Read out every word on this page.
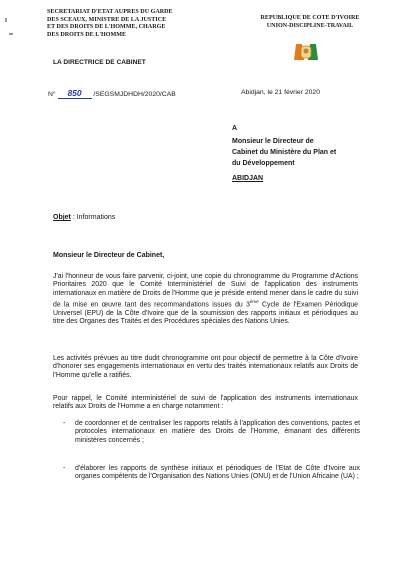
SECRETARIAT D'ETAT AUPRES DU GARDE
DES SCEAUX, MINISTRE DE LA JUSTICE
ET DES DROITS DE L'HOMME, CHARGE
DES DROITS DE L'HOMME
REPUBLIQUE DE COTE D'IVOIRE
UNION-DISCIPLINE-TRAVAIL
LA DIRECTRICE DE CABINET
N° 850 /SEGSMJDHDH/2020/CAB	Abidjan, le 21 février 2020
A
Monsieur le Directeur de
Cabinet du Ministère du Plan et
du Développement
ABIDJAN
Objet : Informations
Monsieur le Directeur de Cabinet,
J'ai l'honneur de vous faire parvenir, ci-joint, une copie du chronogramme du Programme d'Actions Prioritaires 2020 que le Comité Interministériel de Suivi de l'application des instruments internationaux en matière de Droits de l'Homme que je préside entend mener dans le cadre du suivi de la mise en œuvre tant des recommandations issues du 3ème Cycle de l'Examen Périodique Universel (EPU) de la Côte d'Ivoire que de la soumission des rapports initiaux et périodiques au titre des Organes des Traités et des Procédures spéciales des Nations Unies.
Les activités prévues au titre dudit chronogramme ont pour objectif de permettre à la Côte d'Ivoire d'honorer ses engagements internationaux en vertu des traités internationaux relatifs aux Droits de l'Homme qu'elle a ratifiés.
Pour rappel, le Comité interministériel de suivi de l'application des instruments internationaux relatifs aux Droits de l'Homme a en charge notamment :
- de coordonner et de centraliser les rapports relatifs à l'application des conventions, pactes et protocoles internationaux en matière des Droits de l'Homme, émanant des différents ministères concernés ;
- d'élaborer les rapports de synthèse initiaux et périodiques de l'Etat de Côte d'Ivoire aux organes compétents de l'Organisation des Nations Unies (ONU) et de l'Union Africaine (UA) ;
